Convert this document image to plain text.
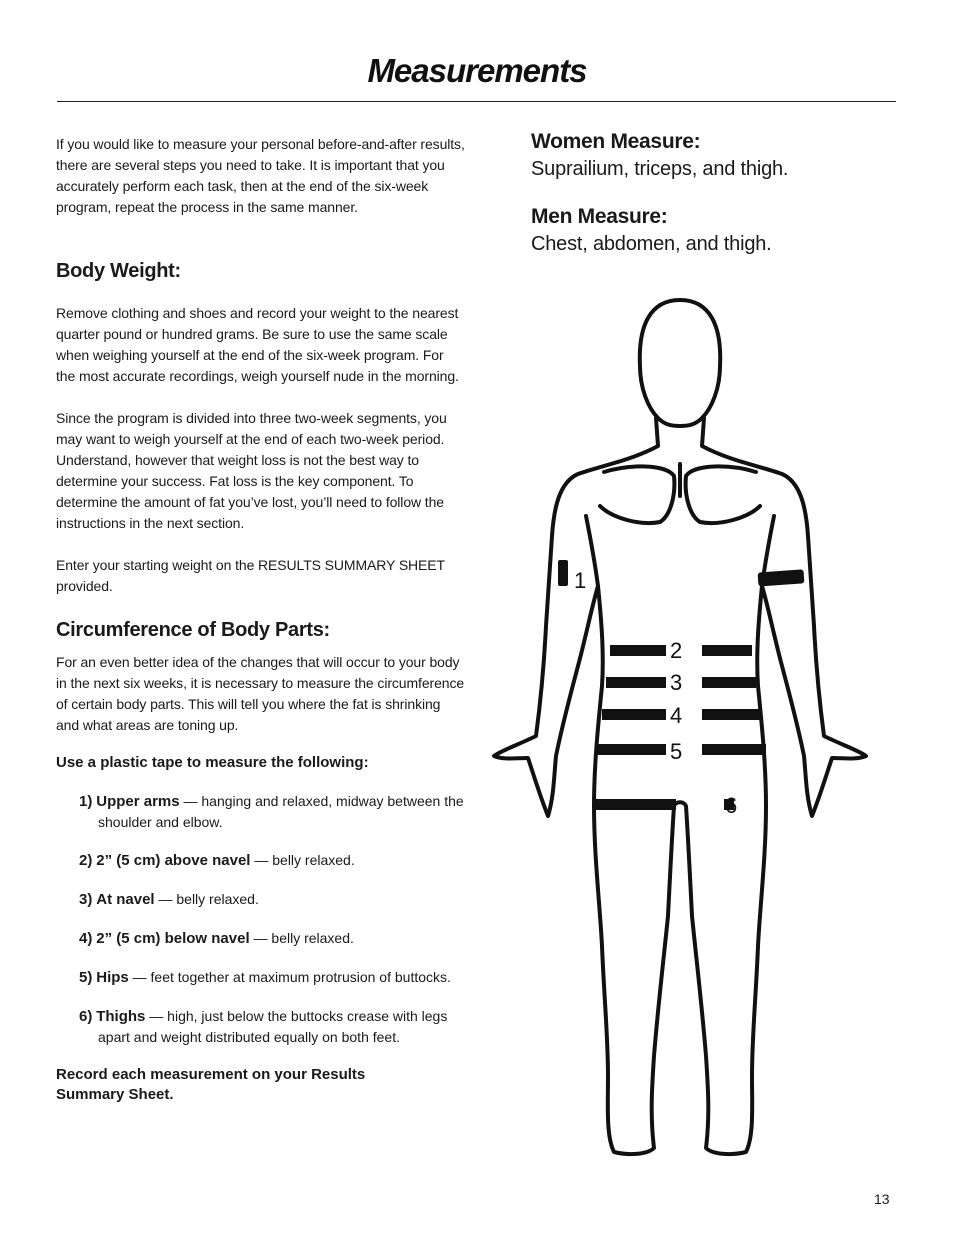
Measurements

If you would like to measure your personal before-and-after results, there are several steps you need to take. It is important that you accurately perform each task, then at the end of the six-week program, repeat the process in the same manner.

Body Weight:

Remove clothing and shoes and record your weight to the nearest quarter pound or hundred grams. Be sure to use the same scale when weighing yourself at the end of the six-week program. For the most accurate recordings, weigh yourself nude in the morning.

Since the program is divided into three two-week segments, you may want to weigh yourself at the end of each two-week period. Understand, however that weight loss is not the best way to determine your success. Fat loss is the key component. To determine the amount of fat you’ve lost, you’ll need to follow the instructions in the next section.

Enter your starting weight on the RESULTS SUMMARY SHEET provided.

Circumference of Body Parts:

For an even better idea of the changes that will occur to your body in the next six weeks, it is necessary to measure the circumference of certain body parts. This will tell you where the fat is shrinking and what areas are toning up.

Use a plastic tape to measure the following:

1) Upper arms — hanging and relaxed, midway between the shoulder and elbow.
2) 2” (5 cm) above navel — belly relaxed.
3) At navel — belly relaxed.
4) 2” (5 cm) below navel — belly relaxed.
5) Hips — feet together at maximum protrusion of buttocks.
6) Thighs — high, just below the buttocks crease with legs apart and weight distributed equally on both feet.

Record each measurement on your Results Summary Sheet.

Women Measure:

Suprailium, triceps, and thigh.

Men Measure:

Chest, abdomen, and thigh.

1
2
3
4
5
6
13
